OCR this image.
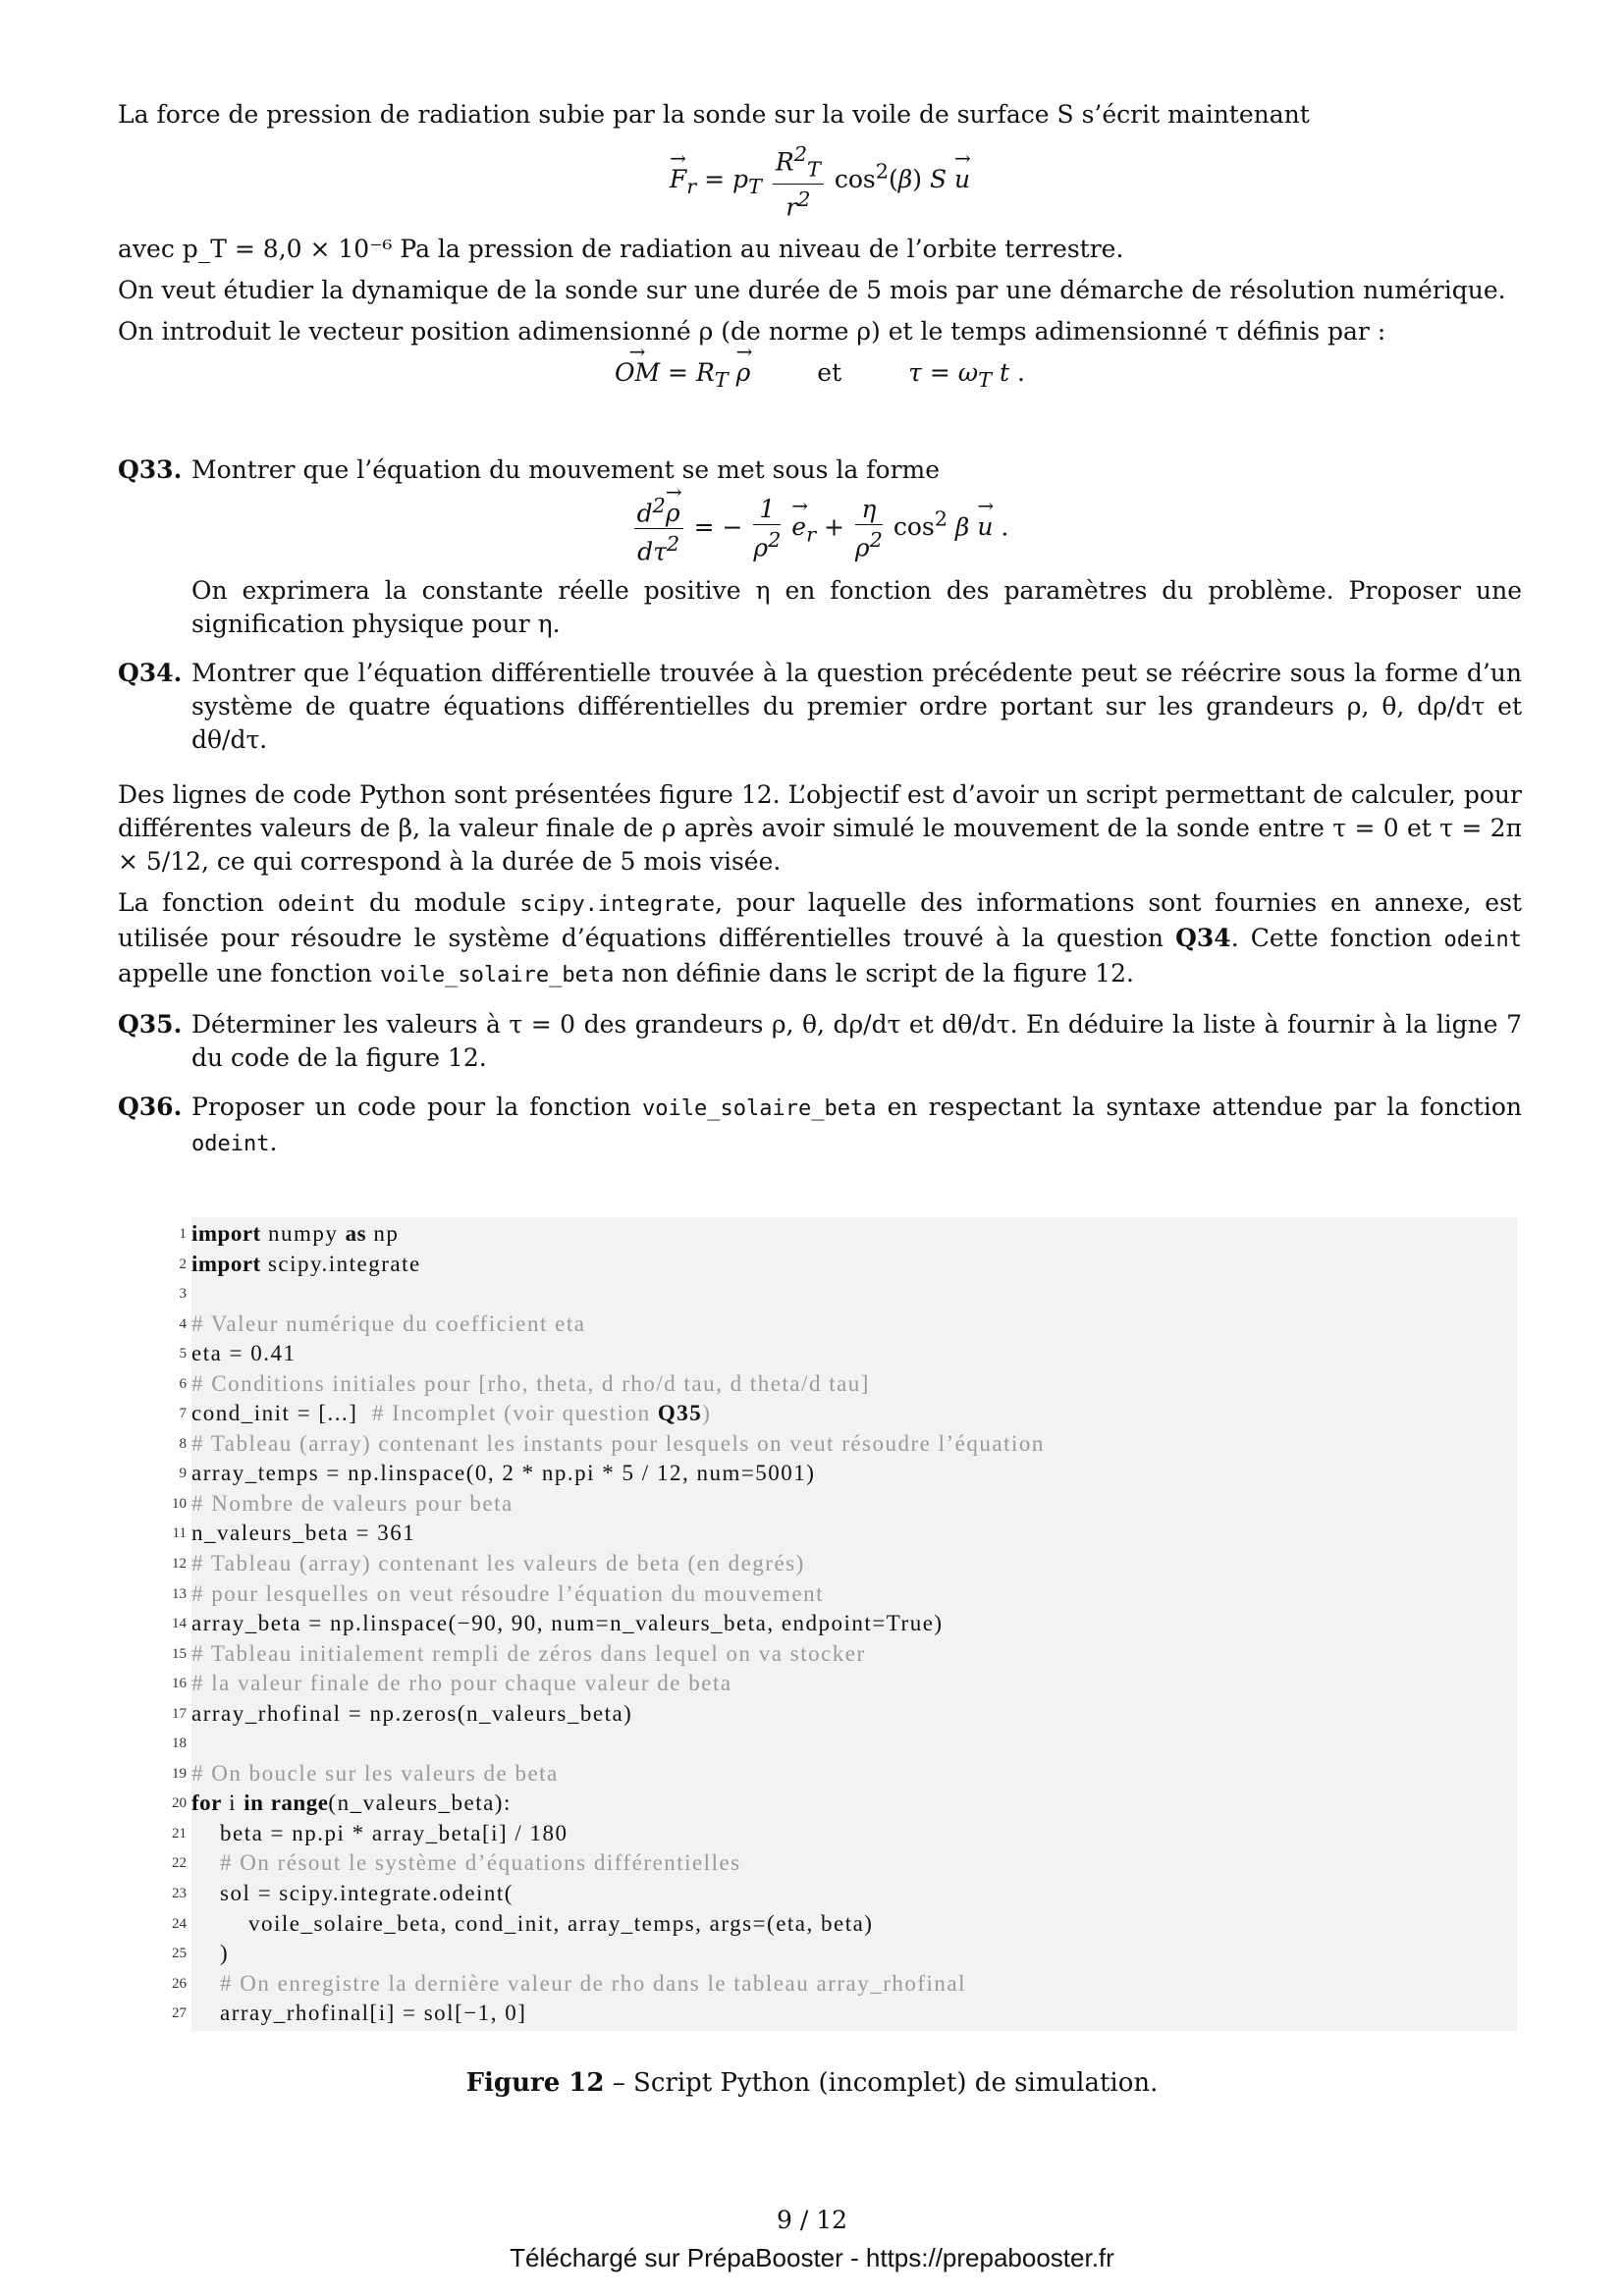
La force de pression de radiation subie par la sonde sur la voile de surface S s’écrit maintenant

→ $F_r = p_T \frac{R^2_T}{r^2} \cos^2(\beta) S \to u$

avec p_T = 8,0 × 10⁻⁶ Pa la pression de radiation au niveau de l’orbite terrestre.

On veut étudier la dynamique de la sonde sur une durée de 5 mois par une démarche de résolution numérique.

On introduit le vecteur position adimensionné ρ (de norme ρ) et le temps adimensionné τ définis par :

→ OM = $R_T \to \rho$	et $\tau = \omega_T$ t .
Q33. Montrer que l’équation du mouvement se met sous la forme

$\frac{d^2\to \rho}{d\tau^2}$ = − $\frac{1}{\rho^2}$
→ $e_r + \frac{\eta}{\rho^2} \cos^2 \beta \to u$ .

On exprimera la constante réelle positive η en fonction des paramètres du problème. Proposer une signification physique pour η.

Q34. Montrer que l’équation différentielle trouvée à la question précédente peut se réécrire sous la forme d’un système de quatre équations différentielles du premier ordre portant sur les grandeurs ρ, θ, dρ/dτ et dθ/dτ.

Des lignes de code Python sont présentées figure 12. L’objectif est d’avoir un script permettant de calculer, pour différentes valeurs de β, la valeur finale de ρ après avoir simulé le mouvement de la sonde entre τ = 0 et τ = 2π × 5/12, ce qui correspond à la durée de 5 mois visée.

La fonction odeint du module scipy.integrate, pour laquelle des informations sont fournies en annexe, est utilisée pour résoudre le système d’équations différentielles trouvé à la question Q34. Cette fonction odeint appelle une fonction voile_solaire_beta non définie dans le script de la figure 12.

Q35. Déterminer les valeurs à τ = 0 des grandeurs ρ, θ, dρ/dτ et dθ/dτ. En déduire la liste à fournir à la ligne 7 du code de la figure 12.
Q36. Proposer un code pour la fonction voile_solaire_beta en respectant la syntaxe attendue par la fonction odeint.
1 import numpy as np
2 import scipy.integrate
3
4 # Valeur numérique du coefficient eta
5 eta = 0.41
6 # Conditions initiales pour [rho, theta, d rho/d tau, d theta/d tau]
7 cond_init = [...]  # Incomplet (voir question Q35)
8 # Tableau (array) contenant les instants pour lesquels on veut résoudre l’équation
9 array_temps = np.linspace(0, 2 * np.pi * 5 / 12, num=5001)
10 # Nombre de valeurs pour beta
11 n_valeurs_beta = 361
12 # Tableau (array) contenant les valeurs de beta (en degrés)
13 # pour lesquelles on veut résoudre l’équation du mouvement
14 array_beta = np.linspace(−90, 90, num=n_valeurs_beta, endpoint=True)
15 # Tableau initialement rempli de zéros dans lequel on va stocker
16 # la valeur finale de rho pour chaque valeur de beta
17 array_rhofinal = np.zeros(n_valeurs_beta)
18
19 # On boucle sur les valeurs de beta
20 for i in range(n_valeurs_beta):
21 beta = np.pi * array_beta[i] / 180
22 # On résout le système d’équations différentielles
23 sol = scipy.integrate.odeint(
24 voile_solaire_beta, cond_init, array_temps, args=(eta, beta)
25 )
26 # On enregistre la dernière valeur de rho dans le tableau array_rhofinal
27 array_rhofinal[i] = sol[−1, 0]
Figure 12 – Script Python (incomplet) de simulation.
9 / 12
Téléchargé sur PrépaBooster - https://prepabooster.fr
